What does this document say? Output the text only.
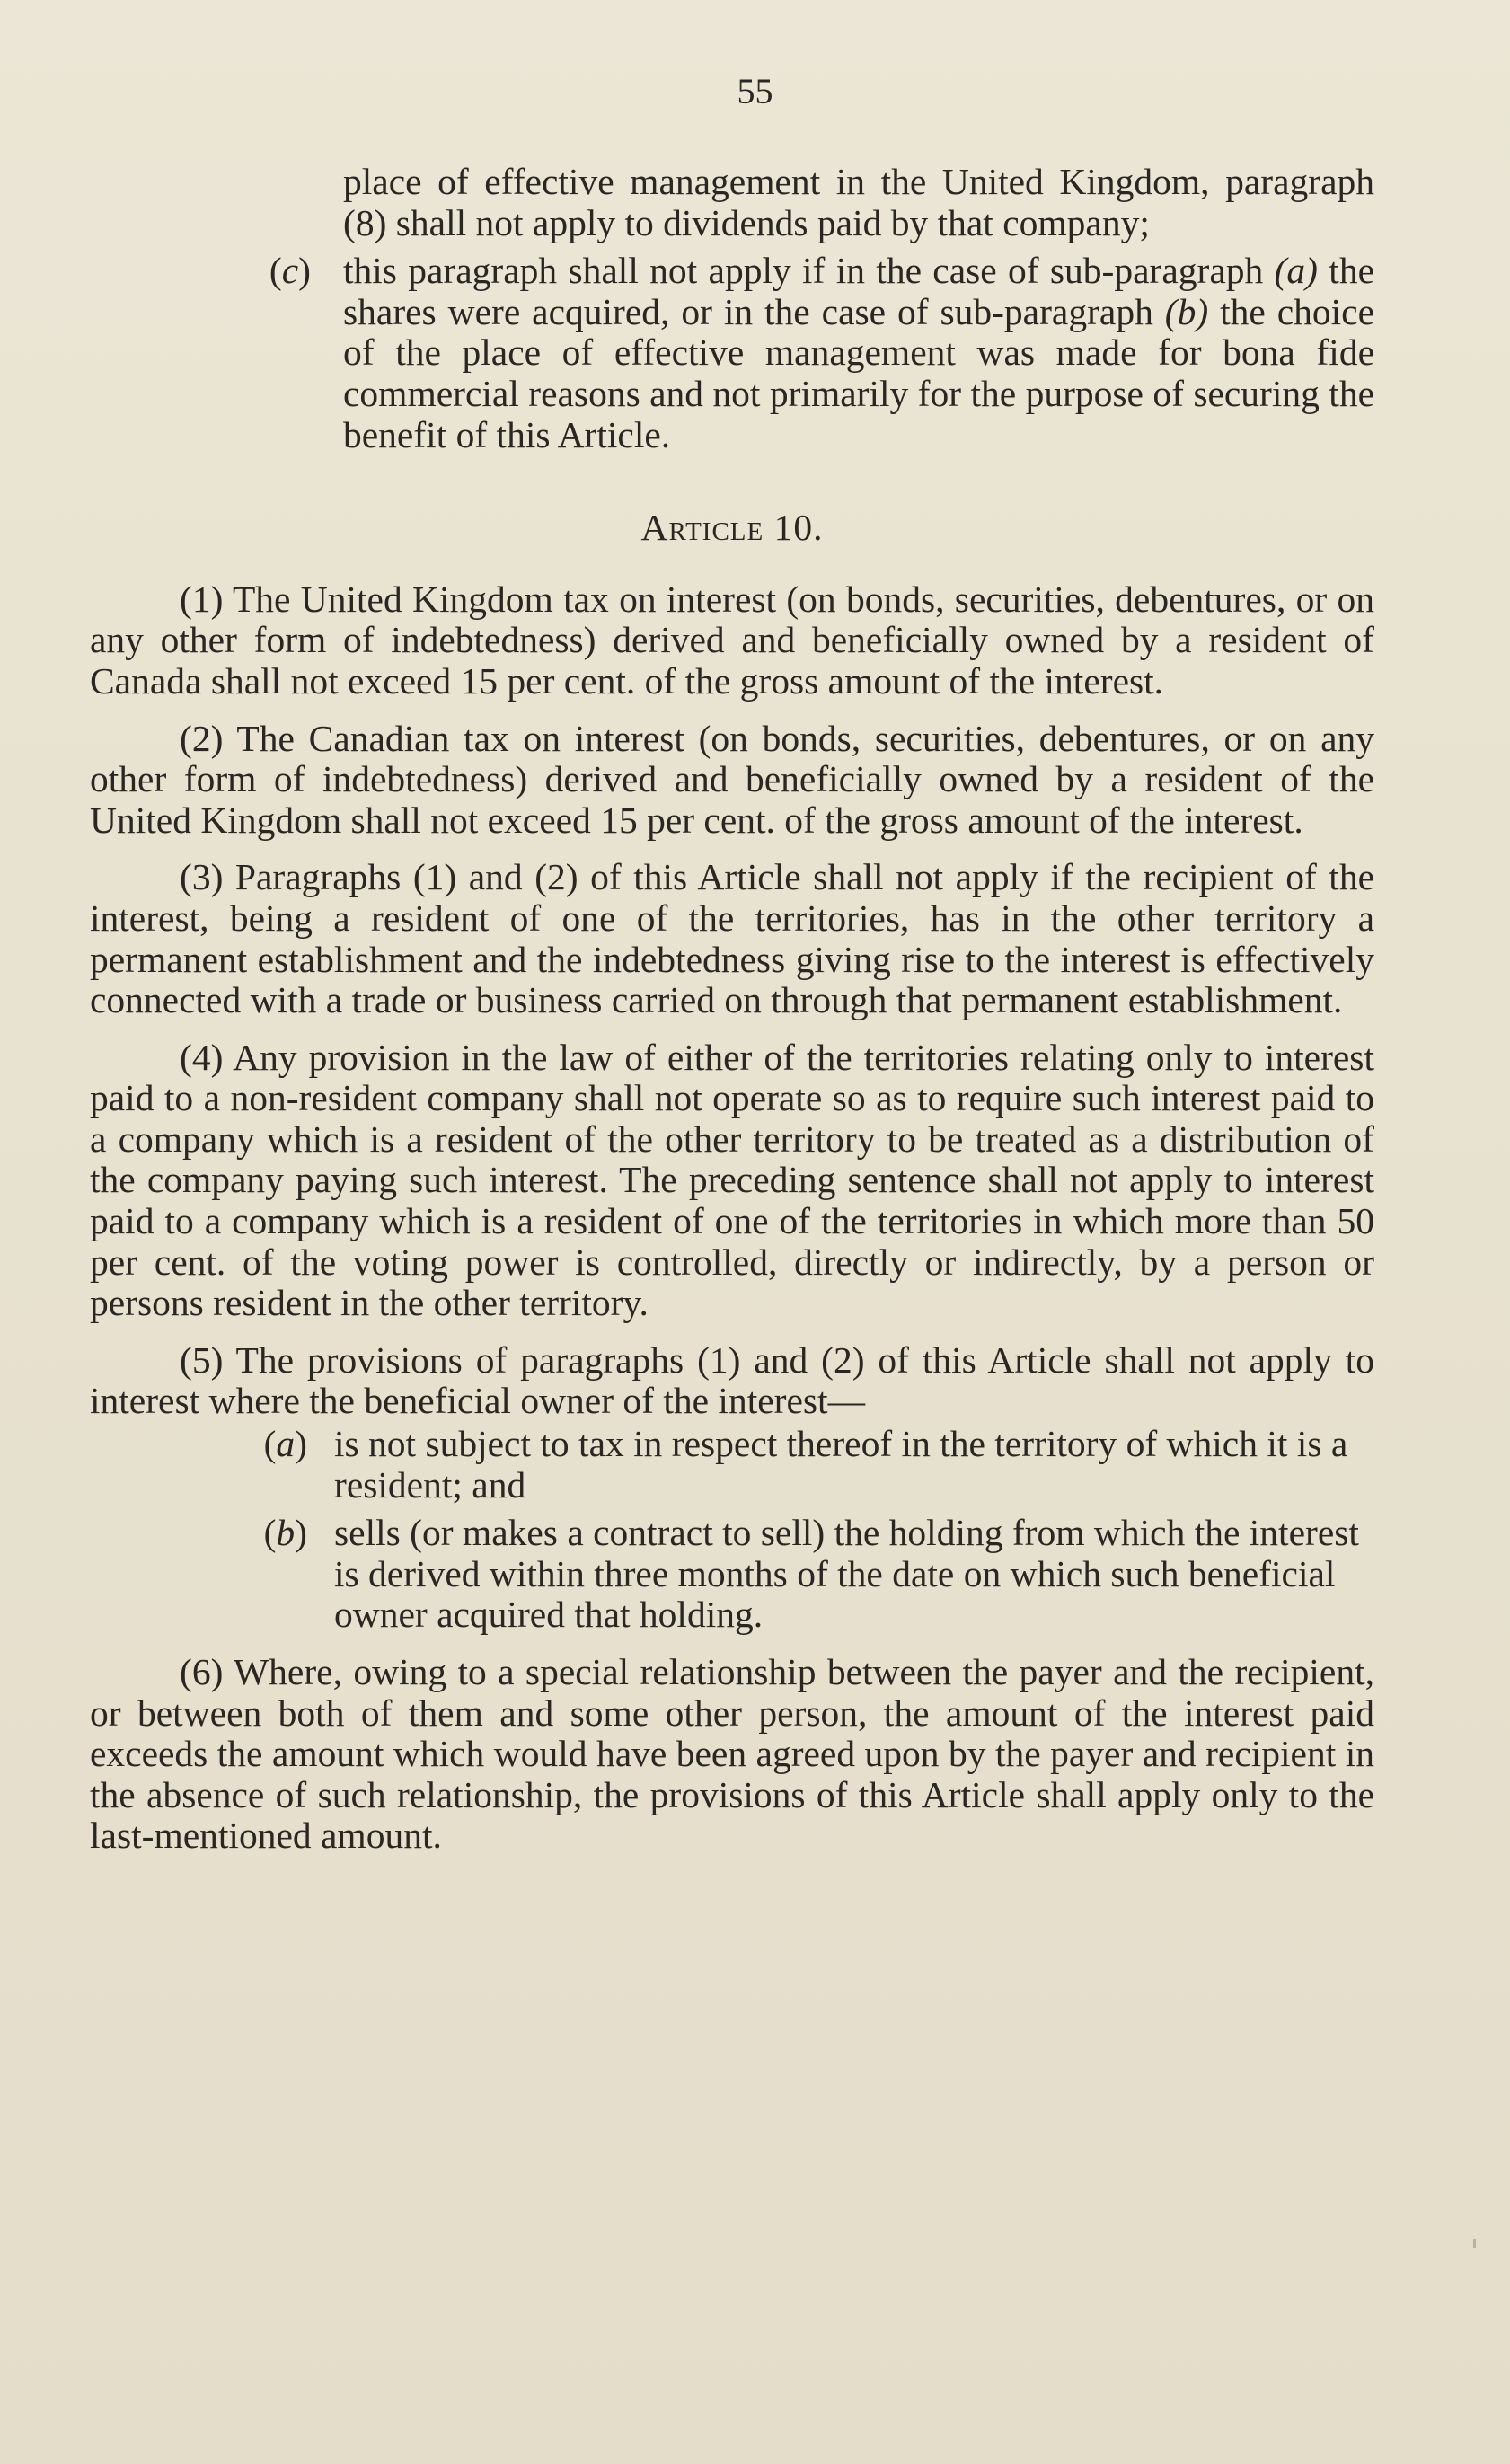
55
place of effective management in the United Kingdom, paragraph (8) shall not apply to dividends paid by that company;
(c) this paragraph shall not apply if in the case of sub-paragraph (a) the shares were acquired, or in the case of sub-paragraph (b) the choice of the place of effective management was made for bona fide commercial reasons and not primarily for the purpose of securing the benefit of this Article.
Article 10.

(1) The United Kingdom tax on interest (on bonds, securities, debentures, or on any other form of indebtedness) derived and beneficially owned by a resident of Canada shall not exceed 15 per cent. of the gross amount of the interest.

(2) The Canadian tax on interest (on bonds, securities, debentures, or on any other form of indebtedness) derived and beneficially owned by a resident of the United Kingdom shall not exceed 15 per cent. of the gross amount of the interest.

(3) Paragraphs (1) and (2) of this Article shall not apply if the recipient of the interest, being a resident of one of the territories, has in the other territory a permanent establishment and the indebtedness giving rise to the interest is effectively connected with a trade or business carried on through that permanent establishment.

(4) Any provision in the law of either of the territories relating only to interest paid to a non-resident company shall not operate so as to require such interest paid to a company which is a resident of the other territory to be treated as a distribution of the company paying such interest. The preceding sentence shall not apply to interest paid to a company which is a resident of one of the territories in which more than 50 per cent. of the voting power is controlled, directly or indirectly, by a person or persons resident in the other territory.

(5) The provisions of paragraphs (1) and (2) of this Article shall not apply to interest where the beneficial owner of the interest—

(a) is not subject to tax in respect thereof in the territory of which it is a resident; and
(b) sells (or makes a contract to sell) the holding from which the interest is derived within three months of the date on which such beneficial owner acquired that holding.

(6) Where, owing to a special relationship between the payer and the recipient, or between both of them and some other person, the amount of the interest paid exceeds the amount which would have been agreed upon by the payer and recipient in the absence of such relationship, the provisions of this Article shall apply only to the last-mentioned amount.
